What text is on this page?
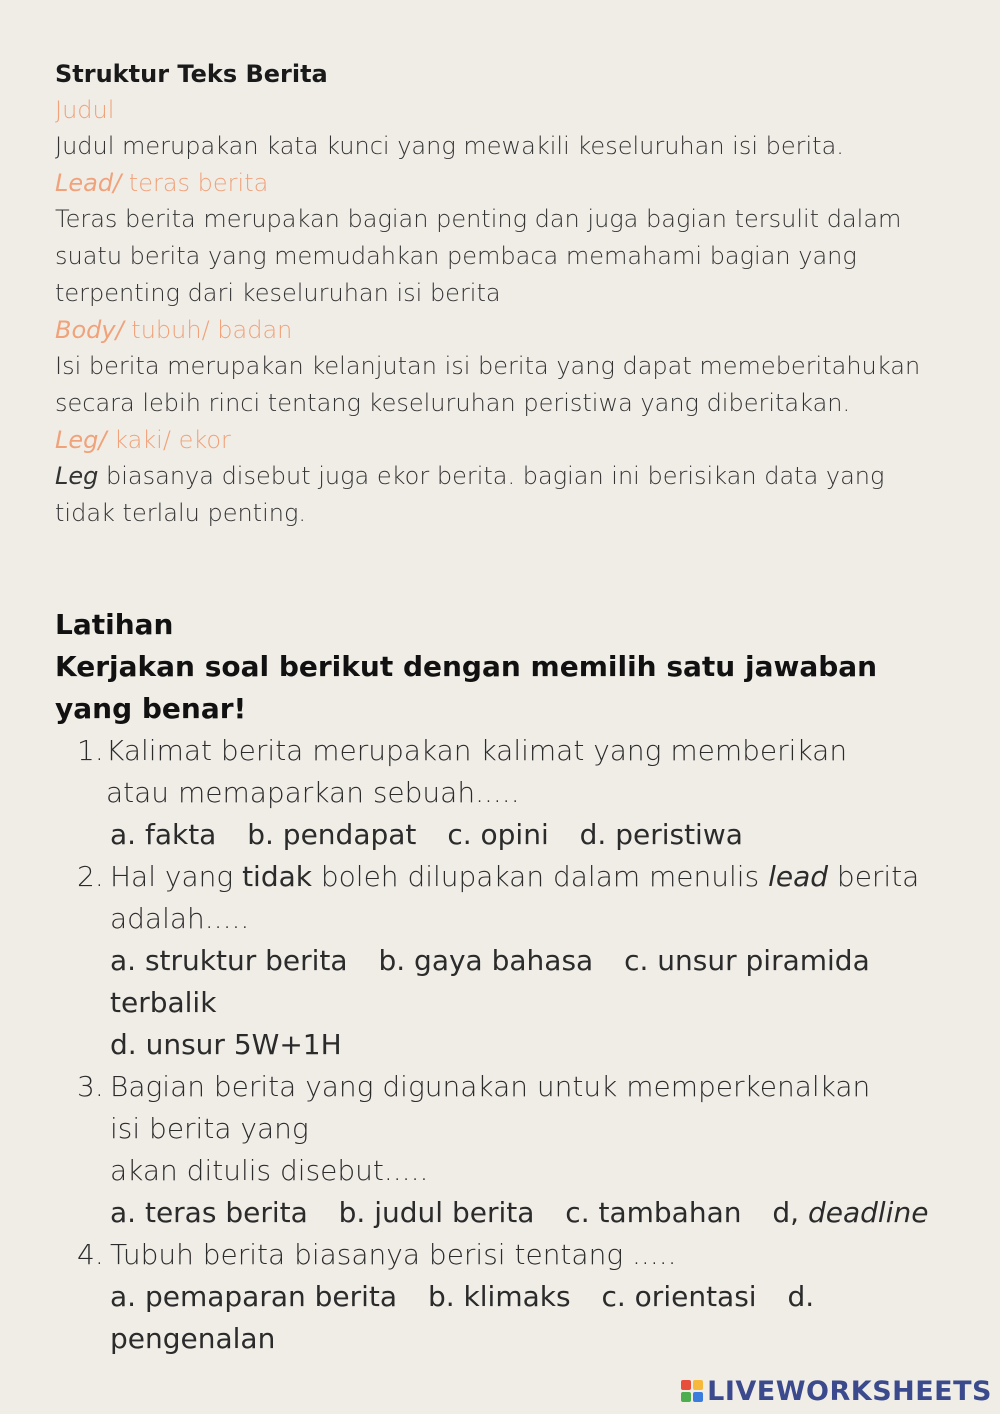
Struktur Teks Berita
Judul
Judul merupakan kata kunci yang mewakili keseluruhan isi berita.
Lead/ teras berita
Teras berita merupakan bagian penting dan juga bagian tersulit dalam suatu berita yang memudahkan pembaca memahami bagian yang terpenting dari keseluruhan isi berita
Body/ tubuh/ badan
Isi berita merupakan kelanjutan isi berita yang dapat memeberitahukan secara lebih rinci tentang keseluruhan peristiwa yang diberitakan.
Leg/ kaki/ ekor
Leg biasanya disebut juga ekor berita. bagian ini berisikan data yang tidak terlalu penting.
Latihan
Kerjakan soal berikut dengan memilih satu jawaban yang benar!
1. Kalimat berita merupakan kalimat yang memberikan atau memaparkan sebuah.....
a. fakta b. pendapat c. opini d. peristiwa
2. Hal yang tidak boleh dilupakan dalam menulis lead berita adalah.....
a. struktur berita b. gaya bahasa c. unsur piramida terbalik
d. unsur 5W+1H
3. Bagian berita yang digunakan untuk memperkenalkan isi berita yang
akan ditulis disebut.....
a. teras berita b. judul berita c. tambahan d, deadline
4. Tubuh berita biasanya berisi tentang .....
a. pemaparan berita b. klimaks c. orientasi d. pengenalan
LIVEWORKSHEETS
